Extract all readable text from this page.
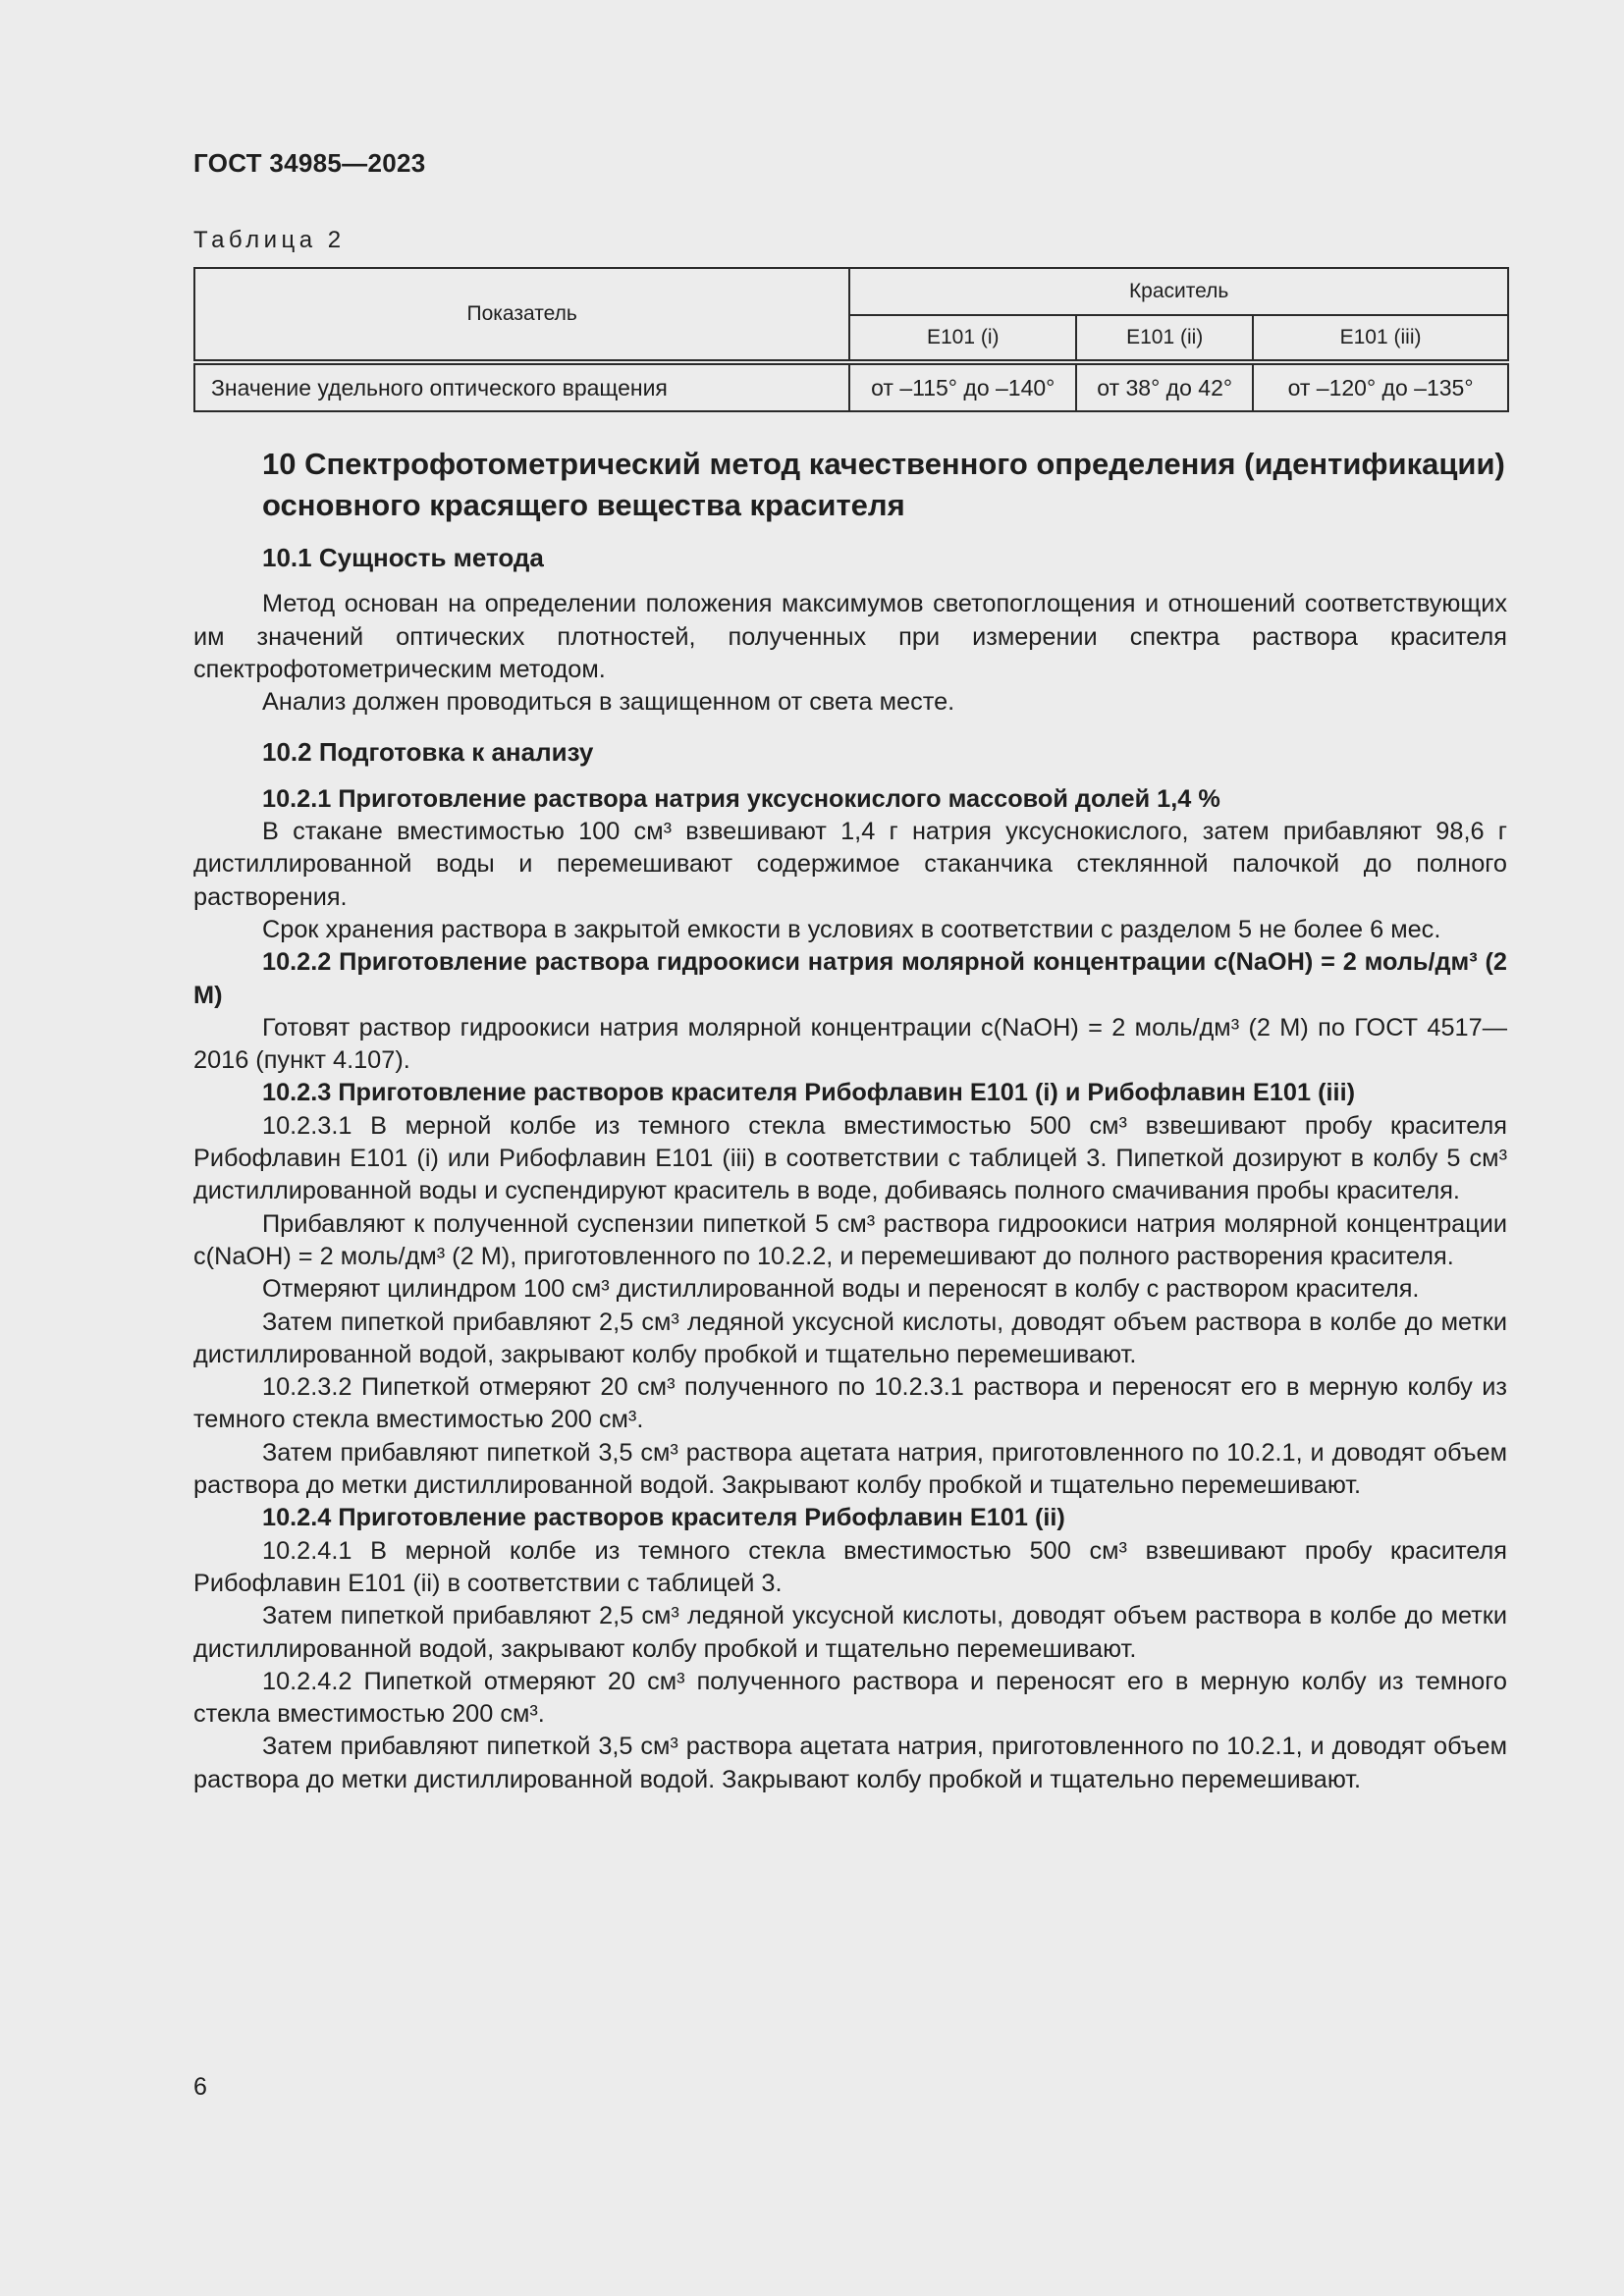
ГОСТ 34985—2023
Таблица 2
Показатель	Краситель		
	E101 (i)	E101 (ii)	E101 (iii)
Значение удельного оптического вращения	от –115° до –140°	от 38° до 42°	от –120° до –135°
10 Спектрофотометрический метод качественного определения (идентификации) основного красящего вещества красителя
10.1 Сущность метода

Метод основан на определении положения максимумов светопоглощения и отношений соответствующих им значений оптических плотностей, полученных при измерении спектра раствора красителя спектрофотометрическим методом.

Анализ должен проводиться в защищенном от света месте.

10.2 Подготовка к анализу

10.2.1 Приготовление раствора натрия уксуснокислого массовой долей 1,4 %

В стакане вместимостью 100 см³ взвешивают 1,4 г натрия уксуснокислого, затем прибавляют 98,6 г дистиллированной воды и перемешивают содержимое стаканчика стеклянной палочкой до полного растворения.

Срок хранения раствора в закрытой емкости в условиях в соответствии с разделом 5 не более 6 мес.

10.2.2 Приготовление раствора гидроокиси натрия молярной концентрации c(NaOH) = 2 моль/дм³ (2 М)

Готовят раствор гидроокиси натрия молярной концентрации c(NaOH) = 2 моль/дм³ (2 М) по ГОСТ 4517—2016 (пункт 4.107).

10.2.3 Приготовление растворов красителя Рибофлавин E101 (i) и Рибофлавин E101 (iii)

10.2.3.1 В мерной колбе из темного стекла вместимостью 500 см³ взвешивают пробу красителя Рибофлавин E101 (i) или Рибофлавин E101 (iii) в соответствии с таблицей 3. Пипеткой дозируют в колбу 5 см³ дистиллированной воды и суспендируют краситель в воде, добиваясь полного смачивания пробы красителя.

Прибавляют к полученной суспензии пипеткой 5 см³ раствора гидроокиси натрия молярной концентрации c(NaOH) = 2 моль/дм³ (2 М), приготовленного по 10.2.2, и перемешивают до полного растворения красителя.

Отмеряют цилиндром 100 см³ дистиллированной воды и переносят в колбу с раствором красителя.

Затем пипеткой прибавляют 2,5 см³ ледяной уксусной кислоты, доводят объем раствора в колбе до метки дистиллированной водой, закрывают колбу пробкой и тщательно перемешивают.

10.2.3.2 Пипеткой отмеряют 20 см³ полученного по 10.2.3.1 раствора и переносят его в мерную колбу из темного стекла вместимостью 200 см³.

Затем прибавляют пипеткой 3,5 см³ раствора ацетата натрия, приготовленного по 10.2.1, и доводят объем раствора до метки дистиллированной водой. Закрывают колбу пробкой и тщательно перемешивают.

10.2.4 Приготовление растворов красителя Рибофлавин E101 (ii)

10.2.4.1 В мерной колбе из темного стекла вместимостью 500 см³ взвешивают пробу красителя Рибофлавин E101 (ii) в соответствии с таблицей 3.

Затем пипеткой прибавляют 2,5 см³ ледяной уксусной кислоты, доводят объем раствора в колбе до метки дистиллированной водой, закрывают колбу пробкой и тщательно перемешивают.

10.2.4.2 Пипеткой отмеряют 20 см³ полученного раствора и переносят его в мерную колбу из темного стекла вместимостью 200 см³.

Затем прибавляют пипеткой 3,5 см³ раствора ацетата натрия, приготовленного по 10.2.1, и доводят объем раствора до метки дистиллированной водой. Закрывают колбу пробкой и тщательно перемешивают.

6
